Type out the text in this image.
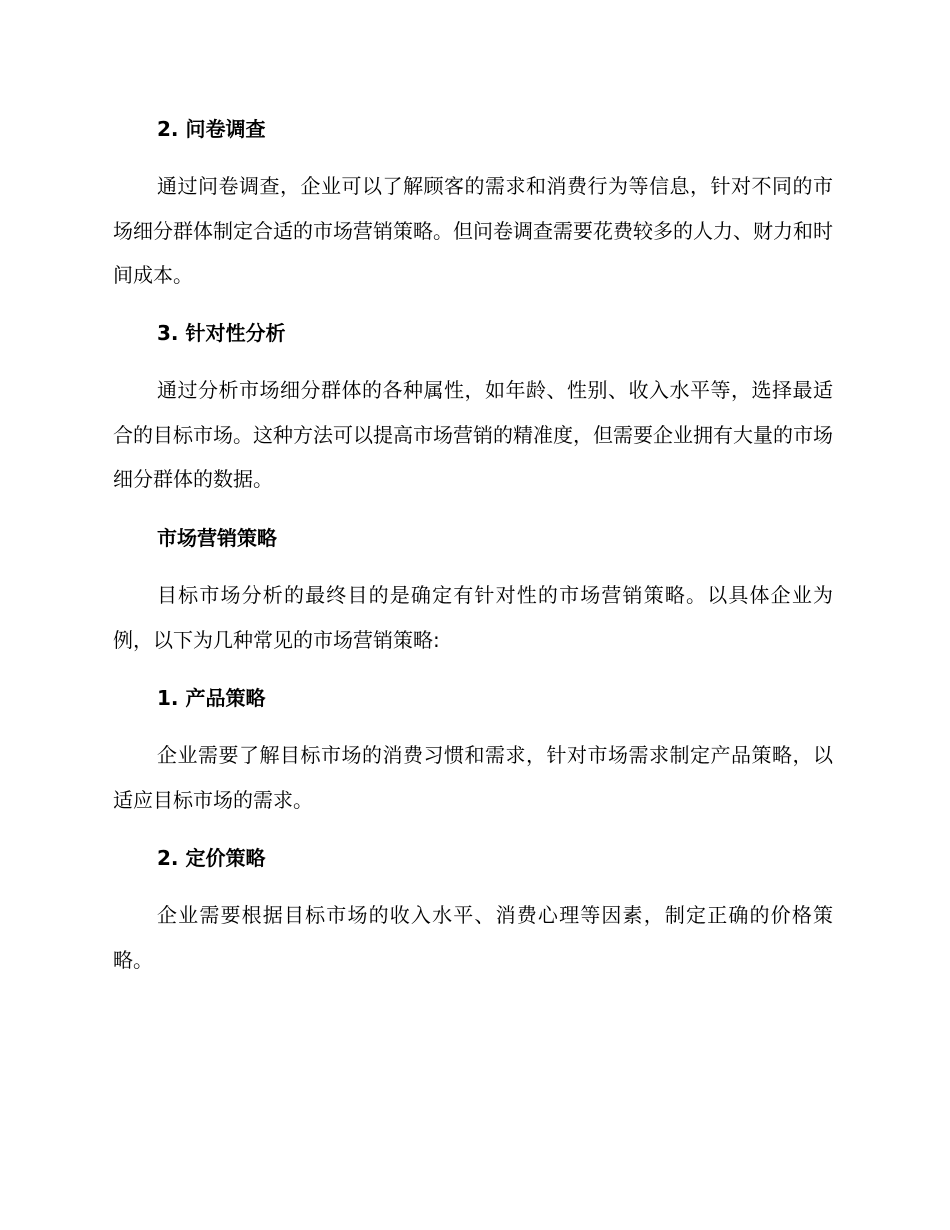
2. 问卷调查
通过问卷调查，企业可以了解顾客的需求和消费行为等信息，针对不同的市场细分群体制定合适的市场营销策略。但问卷调查需要花费较多的人力、财力和时间成本。
3. 针对性分析
通过分析市场细分群体的各种属性，如年龄、性别、收入水平等，选择最适合的目标市场。这种方法可以提高市场营销的精准度，但需要企业拥有大量的市场细分群体的数据。
市场营销策略
目标市场分析的最终目的是确定有针对性的市场营销策略。以具体企业为例，以下为几种常见的市场营销策略:
1. 产品策略
企业需要了解目标市场的消费习惯和需求，针对市场需求制定产品策略，以适应目标市场的需求。
2. 定价策略
企业需要根据目标市场的收入水平、消费心理等因素，制定正确的价格策略。
